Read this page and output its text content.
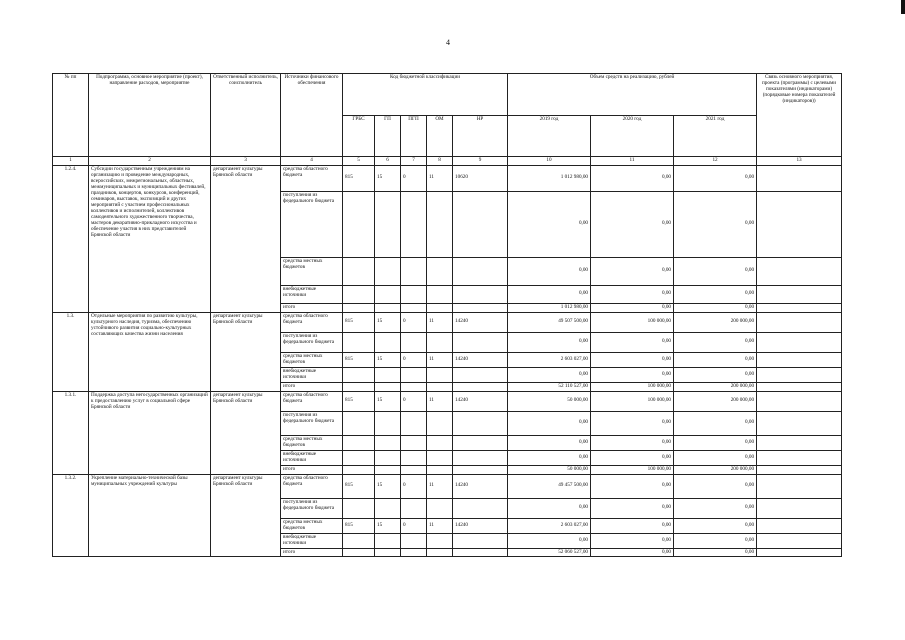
4
№ пп	Подпрограмма, основное мероприятие (проект), направление расходов, мероприятие	Ответственный исполнитель, соисполнитель	Источники финансового обеспечения	Код бюджетной классификации					Объем средств на реализацию, рублей			Связь основного мероприятия, проекта (программы) с целевыми показателями (индикаторами) (порядковые номера показателей (индикаторов))
				ГРБС	ГП	ПГП	ОМ	НР	2019 год	2020 год	2021 год	
1	2	3	4	5	6	7	8	9	10	11	12	13
1.2.4.	Субсидии государственным учреждениям на организацию и проведение международных, всероссийских, межрегиональных, областных, межмуниципальных и муниципальных фестивалей, праздников, концертов, конкурсов, конференций, семинаров, выставок, экспозиций и других мероприятий с участием профессиональных коллективов и исполнителей, коллективов самодеятельного художественного творчества, мастеров декоративно-прикладного искусства и обеспечение участия в них представителей Брянской области	департамент культуры Брянской области	средства областного бюджета	815	15	0	11	10620	1 012 980,00	0,00	0,00	
			поступления из федерального бюджета						0,00	0,00	0,00	
			средства местных бюджетов						0,00	0,00	0,00	
			внебюджетные источники						0,00	0,00	0,00	
			итого						1 012 980,00	0,00	0,00	
1.3.	Отдельные мероприятия по развитию культуры, культурного наследия, туризма, обеспечению устойчивого развития социально-культурных составляющих качества жизни населения	департамент культуры Брянской области	средства областного бюджета	815	15	0	11	14240	49 507 500,00	100 000,00	200 000,00	
			поступления из федерального бюджета						0,00	0,00	0,00	
			средства местных бюджетов	815	15	0	11	14240	2 603 027,00	0,00	0,00	
			внебюджетные источники						0,00	0,00	0,00	
			итого						52 110 527,00	100 000,00	200 000,00	
1.3.1.	Поддержка доступа негосударственных организаций к предоставлению услуг в социальной сфере Брянской области	департамент культуры Брянской области	средства областного бюджета	815	15	0	11	14240	50 000,00	100 000,00	200 000,00	
			поступления из федерального бюджета						0,00	0,00	0,00	
			средства местных бюджетов						0,00	0,00	0,00	
			внебюджетные источники						0,00	0,00	0,00	
			итого						50 000,00	100 000,00	200 000,00	
1.3.2.	Укрепление материально-технической базы муниципальных учреждений культуры	департамент культуры Брянской области	средства областного бюджета	815	15	0	11	14240	49 457 500,00	0,00	0,00	
			поступления из федерального бюджета						0,00	0,00	0,00	
			средства местных бюджетов	815	15	0	11	14240	2 603 027,00	0,00	0,00	
			внебюджетные источники						0,00	0,00	0,00	
			итого						52 060 527,00	0,00	0,00	
